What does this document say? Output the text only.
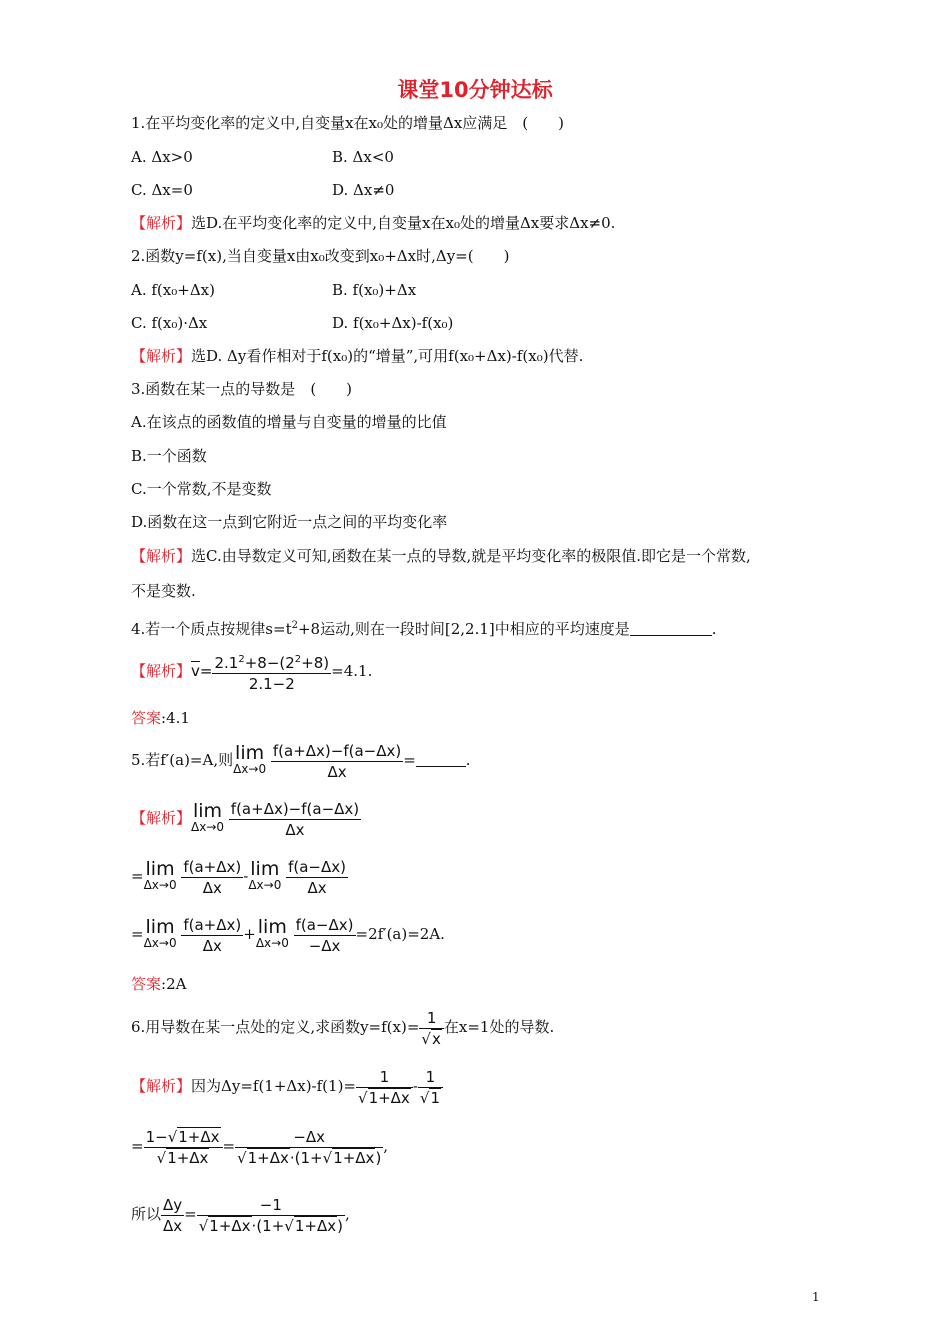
课堂10分钟达标
1.在平均变化率的定义中,自变量x在x₀处的增量Δx应满足　(　　)
A. Δx>0	B. Δx<0
C. Δx=0	D. Δx≠0
【解析】选D.在平均变化率的定义中,自变量x在x₀处的增量Δx要求Δx≠0.
2.函数y=f(x),当自变量x由x₀改变到x₀+Δx时,Δy=(　　)
A. f(x₀+Δx)	B. f(x₀)+Δx
C. f(x₀)·Δx	D. f(x₀+Δx)-f(x₀)
【解析】选D. Δy看作相对于f(x₀)的“增量”,可用f(x₀+Δx)-f(x₀)代替.
3.函数在某一点的导数是　(　　)
A.在该点的函数值的增量与自变量的增量的比值
B.一个函数
C.一个常数,不是变数
D.函数在这一点到它附近一点之间的平均变化率
【解析】选C.由导数定义可知,函数在某一点的导数,就是平均变化率的极限值.即它是一个常数,
不是变数.
4.若一个质点按规律$s=t^2+8$运动,则在一段时间[2,2.1]中相应的平均速度是	.
【解析】$\overline{v}= \frac{2.1^2+8-(2^2+8)}{2.1-2} =4.1$.
答案:4.1
5.若f′(a)=A,则 lim
Δx→0
$\frac{f(a+\Delta x)-f(a-\Delta x)}{\Delta x}$ =	.
【解析】 lim
Δx→0
$\frac{f(a+\Delta x)-f(a-\Delta x)}{\Delta x}$
= lim
Δx→0
$\frac{f(a+\Delta x)}{\Delta x}$ - lim
Δx→0
$\frac{f(a-\Delta x)}{\Delta x}$
= lim
Δx→0
$\frac{f(a+\Delta x)}{\Delta x} + \lim$
Δx→0
$\frac{f(a-\Delta x)}{-\Delta x} =2f'(a)=2A$.
答案:2A
6.用导数在某一点处的定义,求函数$y=f(x)= \frac{1}{√x}$ 在x=1处的导数.
【解析】因为$\Delta y=f(1+\Delta x)-f(1)= \frac{1}{√1+\Delta x} - \frac{1}{√1}$
= $\frac{1-√1+\Delta x}{√1+\Delta x} = \frac{-\Delta x}{√1+\Delta x\cdot(1+√1+\Delta x)}$ ,
所以 $\frac{\Delta y}{\Delta x} = \frac{-1}{√1+\Delta x\cdot(1+√1+\Delta x)}$ ,
1
